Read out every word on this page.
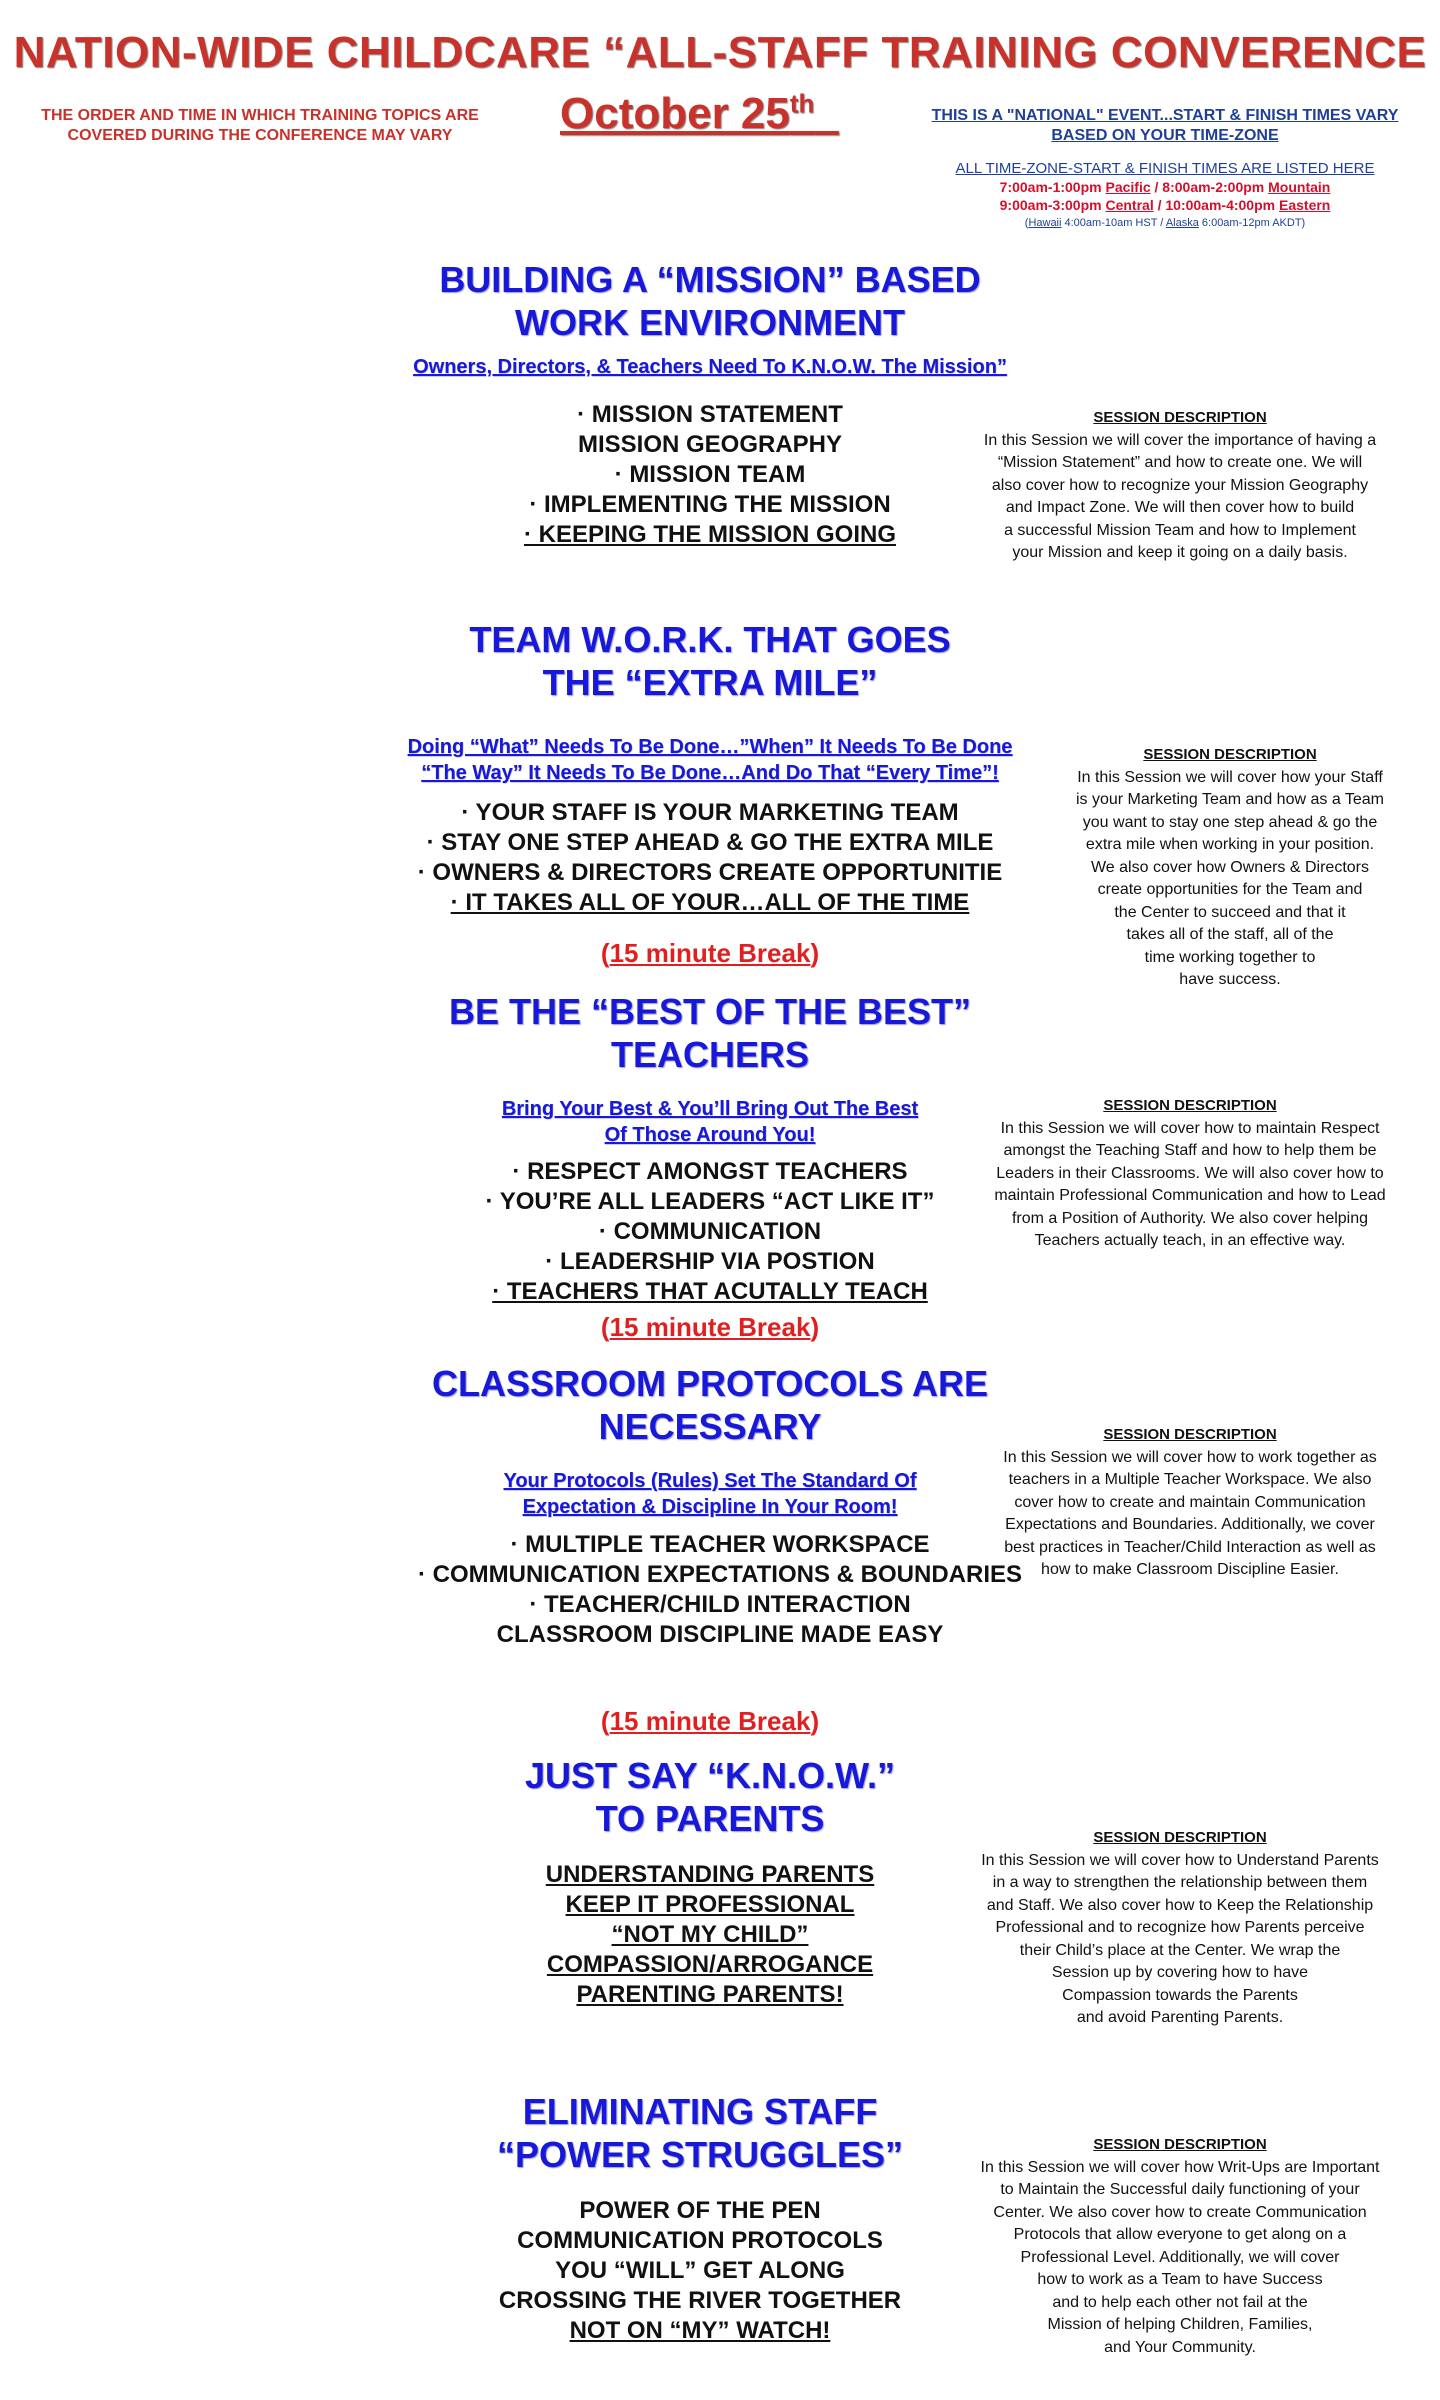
NATION-WIDE CHILDCARE “ALL-STAFF TRAINING CONVERENCE
October 25th
THE ORDER AND TIME IN WHICH TRAINING TOPICS ARE
COVERED DURING THE CONFERENCE MAY VARY
THIS IS A "NATIONAL" EVENT...START & FINISH TIMES VARY
BASED ON YOUR TIME-ZONE
ALL TIME-ZONE-START & FINISH TIMES ARE LISTED HERE
7:00am-1:00pm Pacific / 8:00am-2:00pm Mountain
9:00am-3:00pm Central / 10:00am-4:00pm Eastern
(Hawaii 4:00am-10am HST / Alaska 6:00am-12pm AKDT)
BUILDING A “MISSION” BASED
WORK ENVIRONMENT
Owners, Directors, & Teachers Need To K.N.O.W. The Mission”
· MISSION STATEMENT
MISSION GEOGRAPHY
· MISSION TEAM
· IMPLEMENTING THE MISSION
· KEEPING THE MISSION GOING
SESSION DESCRIPTION
In this Session we will cover the importance of having a
“Mission Statement” and how to create one. We will
also cover how to recognize your Mission Geography
and Impact Zone. We will then cover how to build
a successful Mission Team and how to Implement
your Mission and keep it going on a daily basis.
TEAM W.O.R.K. THAT GOES
THE “EXTRA MILE”
Doing “What” Needs To Be Done…”When” It Needs To Be Done
“The Way” It Needs To Be Done…And Do That “Every Time”!
· YOUR STAFF IS YOUR MARKETING TEAM
· STAY ONE STEP AHEAD & GO THE EXTRA MILE
· OWNERS & DIRECTORS CREATE OPPORTUNITIE
· IT TAKES ALL OF YOUR…ALL OF THE TIME
(15 minute Break)
SESSION DESCRIPTION
In this Session we will cover how your Staff
is your Marketing Team and how as a Team
you want to stay one step ahead & go the
extra mile when working in your position.
We also cover how Owners & Directors
create opportunities for the Team and
the Center to succeed and that it
takes all of the staff, all of the
time working together to
have success.
BE THE “BEST OF THE BEST”
TEACHERS
Bring Your Best & You’ll Bring Out The Best
Of Those Around You!
· RESPECT AMONGST TEACHERS
· YOU’RE ALL LEADERS “ACT LIKE IT”
· COMMUNICATION
· LEADERSHIP VIA POSTION
· TEACHERS THAT ACUTALLY TEACH
(15 minute Break)
SESSION DESCRIPTION
In this Session we will cover how to maintain Respect
amongst the Teaching Staff and how to help them be
Leaders in their Classrooms. We will also cover how to
maintain Professional Communication and how to Lead
from a Position of Authority. We also cover helping
Teachers actually teach, in an effective way.
CLASSROOM PROTOCOLS ARE
NECESSARY
Your Protocols (Rules) Set The Standard Of
Expectation & Discipline In Your Room!
· MULTIPLE TEACHER WORKSPACE
· COMMUNICATION EXPECTATIONS & BOUNDARIES
· TEACHER/CHILD INTERACTION
CLASSROOM DISCIPLINE MADE EASY
(15 minute Break)
SESSION DESCRIPTION
In this Session we will cover how to work together as
teachers in a Multiple Teacher Workspace. We also
cover how to create and maintain Communication
Expectations and Boundaries. Additionally, we cover
best practices in Teacher/Child Interaction as well as
how to make Classroom Discipline Easier.
JUST SAY “K.N.O.W.”
TO PARENTS
UNDERSTANDING PARENTS
KEEP IT PROFESSIONAL
“NOT MY CHILD”
COMPASSION/ARROGANCE
PARENTING PARENTS!
SESSION DESCRIPTION
In this Session we will cover how to Understand Parents
in a way to strengthen the relationship between them
and Staff. We also cover how to Keep the Relationship
Professional and to recognize how Parents perceive
their Child’s place at the Center. We wrap the
Session up by covering how to have
Compassion towards the Parents
and avoid Parenting Parents.
ELIMINATING STAFF
“POWER STRUGGLES”
POWER OF THE PEN
COMMUNICATION PROTOCOLS
YOU “WILL” GET ALONG
CROSSING THE RIVER TOGETHER
NOT ON “MY” WATCH!
SESSION DESCRIPTION
In this Session we will cover how Writ-Ups are Important
to Maintain the Successful daily functioning of your
Center. We also cover how to create Communication
Protocols that allow everyone to get along on a
Professional Level. Additionally, we will cover
how to work as a Team to have Success
and to help each other not fail at the
Mission of helping Children, Families,
and Your Community.
